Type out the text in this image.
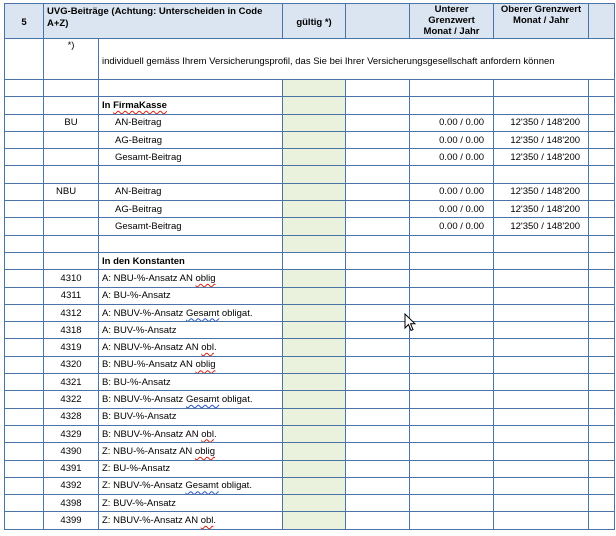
5	UVG-Beiträge (Achtung: Unterscheiden in Code A+Z)		gültig *)		Unterer Grenzwert Monat / Jahr	Oberer Grenzwert Monat / Jahr	
	*)	individuell gemäss Ihrem Versicherungsprofil, das Sie bei Ihrer Versicherungsgesellschaft anfordern können					

		In FirmaKasse					
	BU	AN-Beitrag			0.00 / 0.00	12'350 / 148'200	
		AG-Beitrag			0.00 / 0.00	12'350 / 148'200	
		Gesamt-Beitrag			0.00 / 0.00	12'350 / 148'200	

	NBU	AN-Beitrag			0.00 / 0.00	12'350 / 148'200	
		AG-Beitrag			0.00 / 0.00	12'350 / 148'200	
		Gesamt-Beitrag			0.00 / 0.00	12'350 / 148'200	

		In den Konstanten					
	4310	A: NBU-%-Ansatz AN oblig					
	4311	A: BU-%-Ansatz					
	4312	A: NBUV-%-Ansatz Gesamt obligat.					
	4318	A: BUV-%-Ansatz					
	4319	A: NBUV-%-Ansatz AN obl.					
	4320	B: NBU-%-Ansatz AN oblig					
	4321	B: BU-%-Ansatz					
	4322	B: NBUV-%-Ansatz Gesamt obligat.					
	4328	B: BUV-%-Ansatz					
	4329	B: NBUV-%-Ansatz AN obl.					
	4390	Z: NBU-%-Ansatz AN oblig					
	4391	Z: BU-%-Ansatz					
	4392	Z: NBUV-%-Ansatz Gesamt obligat.					
	4398	Z: BUV-%-Ansatz					
	4399	Z: NBUV-%-Ansatz AN obl.					
